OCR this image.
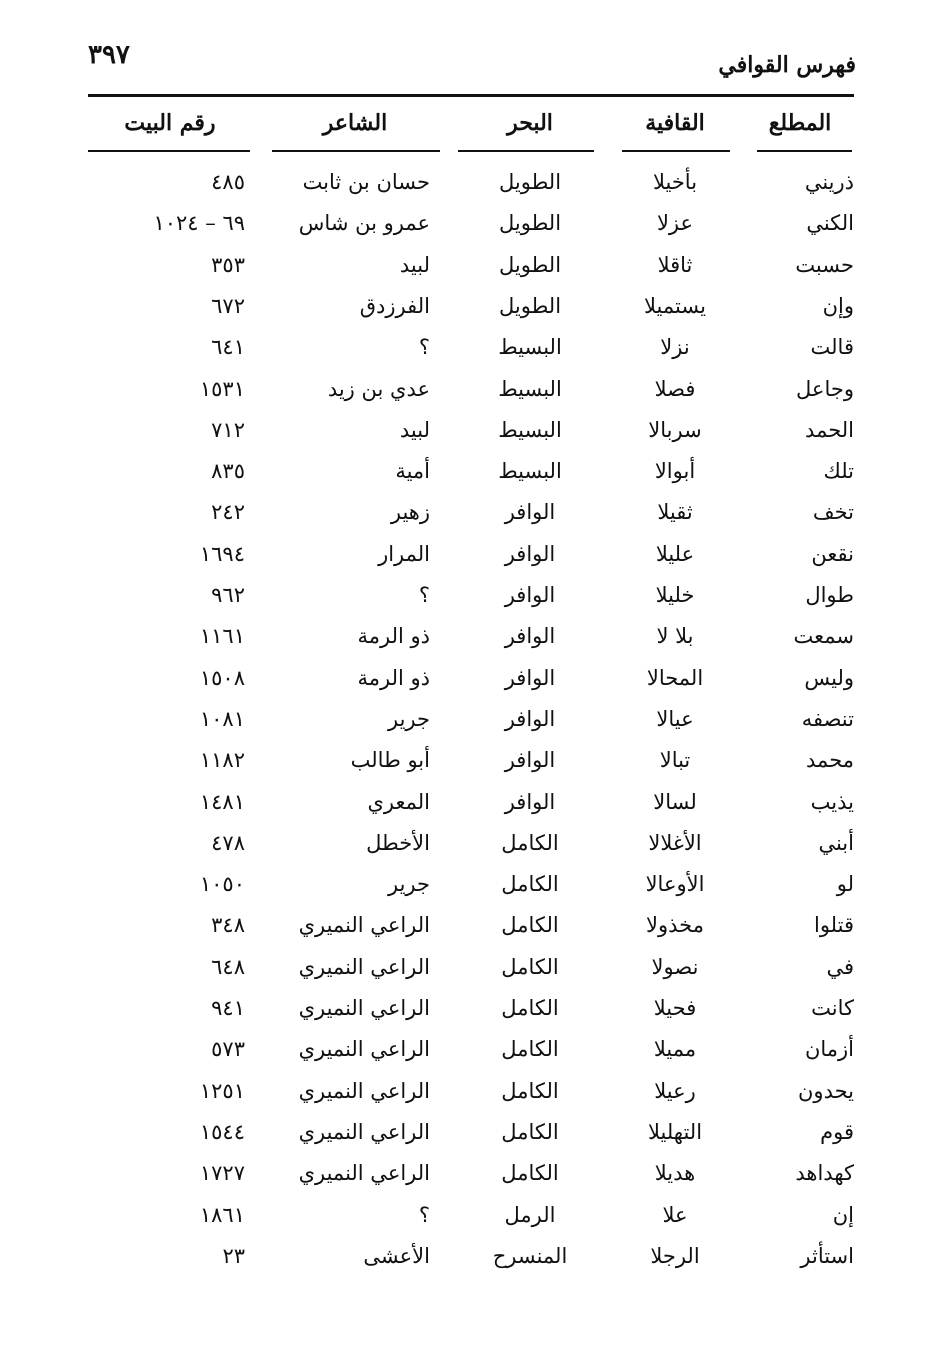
٣٩٧	فهرس القوافي
المطلع
القافية
البحر
الشاعر
رقم البيت
ذريني
بأخيلا
الطويل
حسان بن ثابت
٤٨٥
الكني
عزلا
الطويل
عمرو بن شاس
٦٩ – ١٠٢٤
حسبت
ثاقلا
الطويل
لبيد
٣٥٣
وإن
يستميلا
الطويل
الفرزدق
٦٧٢
قالت
نزلا
البسيط
؟
٦٤١
وجاعل
فصلا
البسيط
عدي بن زيد
١٥٣١
الحمد
سربالا
البسيط
لبيد
٧١٢
تلك
أبوالا
البسيط
أمية
٨٣٥
تخف
ثقيلا
الوافر
زهير
٢٤٢
نقعن
عليلا
الوافر
المرار
١٦٩٤
طوال
خليلا
الوافر
؟
٩٦٢
سمعت
بلا لا
الوافر
ذو الرمة
١١٦١
وليس
المحالا
الوافر
ذو الرمة
١٥٠٨
تنصفه
عيالا
الوافر
جرير
١٠٨١
محمد
تبالا
الوافر
أبو طالب
١١٨٢
يذيب
لسالا
الوافر
المعري
١٤٨١
أبني
الأغلالا
الكامل
الأخطل
٤٧٨
لو
الأوعالا
الكامل
جرير
١٠٥٠
قتلوا
مخذولا
الكامل
الراعي النميري
٣٤٨
في
نصولا
الكامل
الراعي النميري
٦٤٨
كانت
فحيلا
الكامل
الراعي النميري
٩٤١
أزمان
مميلا
الكامل
الراعي النميري
٥٧٣
يحدون
رعيلا
الكامل
الراعي النميري
١٢٥١
قوم
التهليلا
الكامل
الراعي النميري
١٥٤٤
كهداهد
هديلا
الكامل
الراعي النميري
١٧٢٧
إن
علا
الرمل
؟
١٨٦١
استأثر
الرجلا
المنسرح
الأعشى
٢٣
